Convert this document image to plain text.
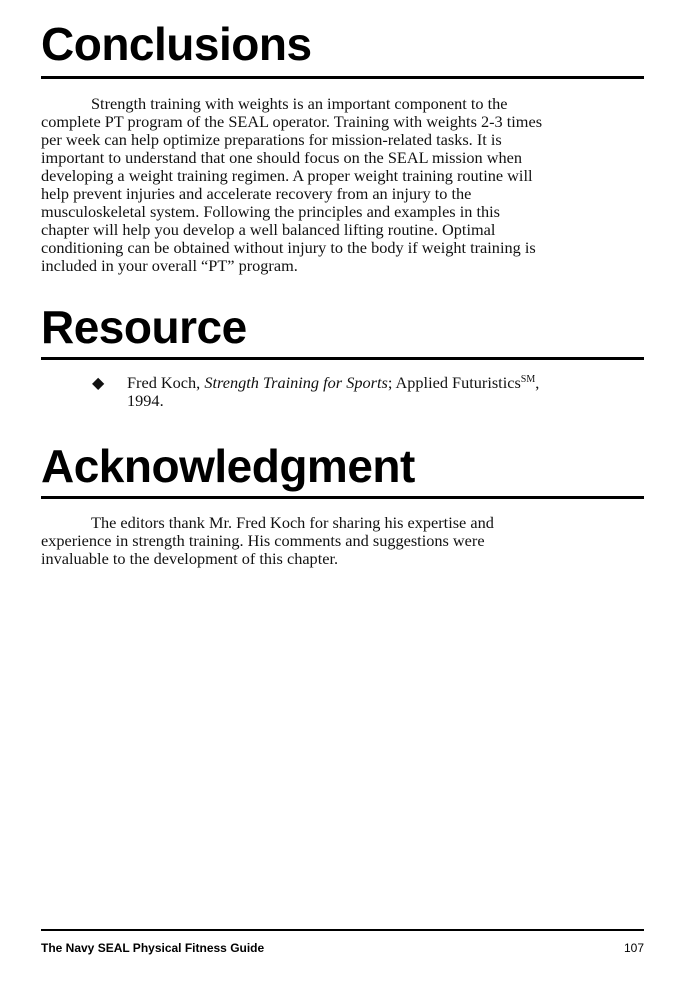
Conclusions
Strength training with weights is an important component to the
complete PT program of the SEAL operator. Training with weights 2-3 times
per week can help optimize preparations for mission-related tasks. It is
important to understand that one should focus on the SEAL mission when
developing a weight training regimen. A proper weight training routine will
help prevent injuries and accelerate recovery from an injury to the
musculoskeletal system. Following the principles and examples in this
chapter will help you develop a well balanced lifting routine. Optimal
conditioning can be obtained without injury to the body if weight training is
included in your overall “PT” program.
Resource
◆ Fred Koch, Strength Training for Sports; Applied Futuristics℠,
1994.
Acknowledgment
The editors thank Mr. Fred Koch for sharing his expertise and
experience in strength training. His comments and suggestions were
invaluable to the development of this chapter.
The Navy SEAL Physical Fitness Guide	107
